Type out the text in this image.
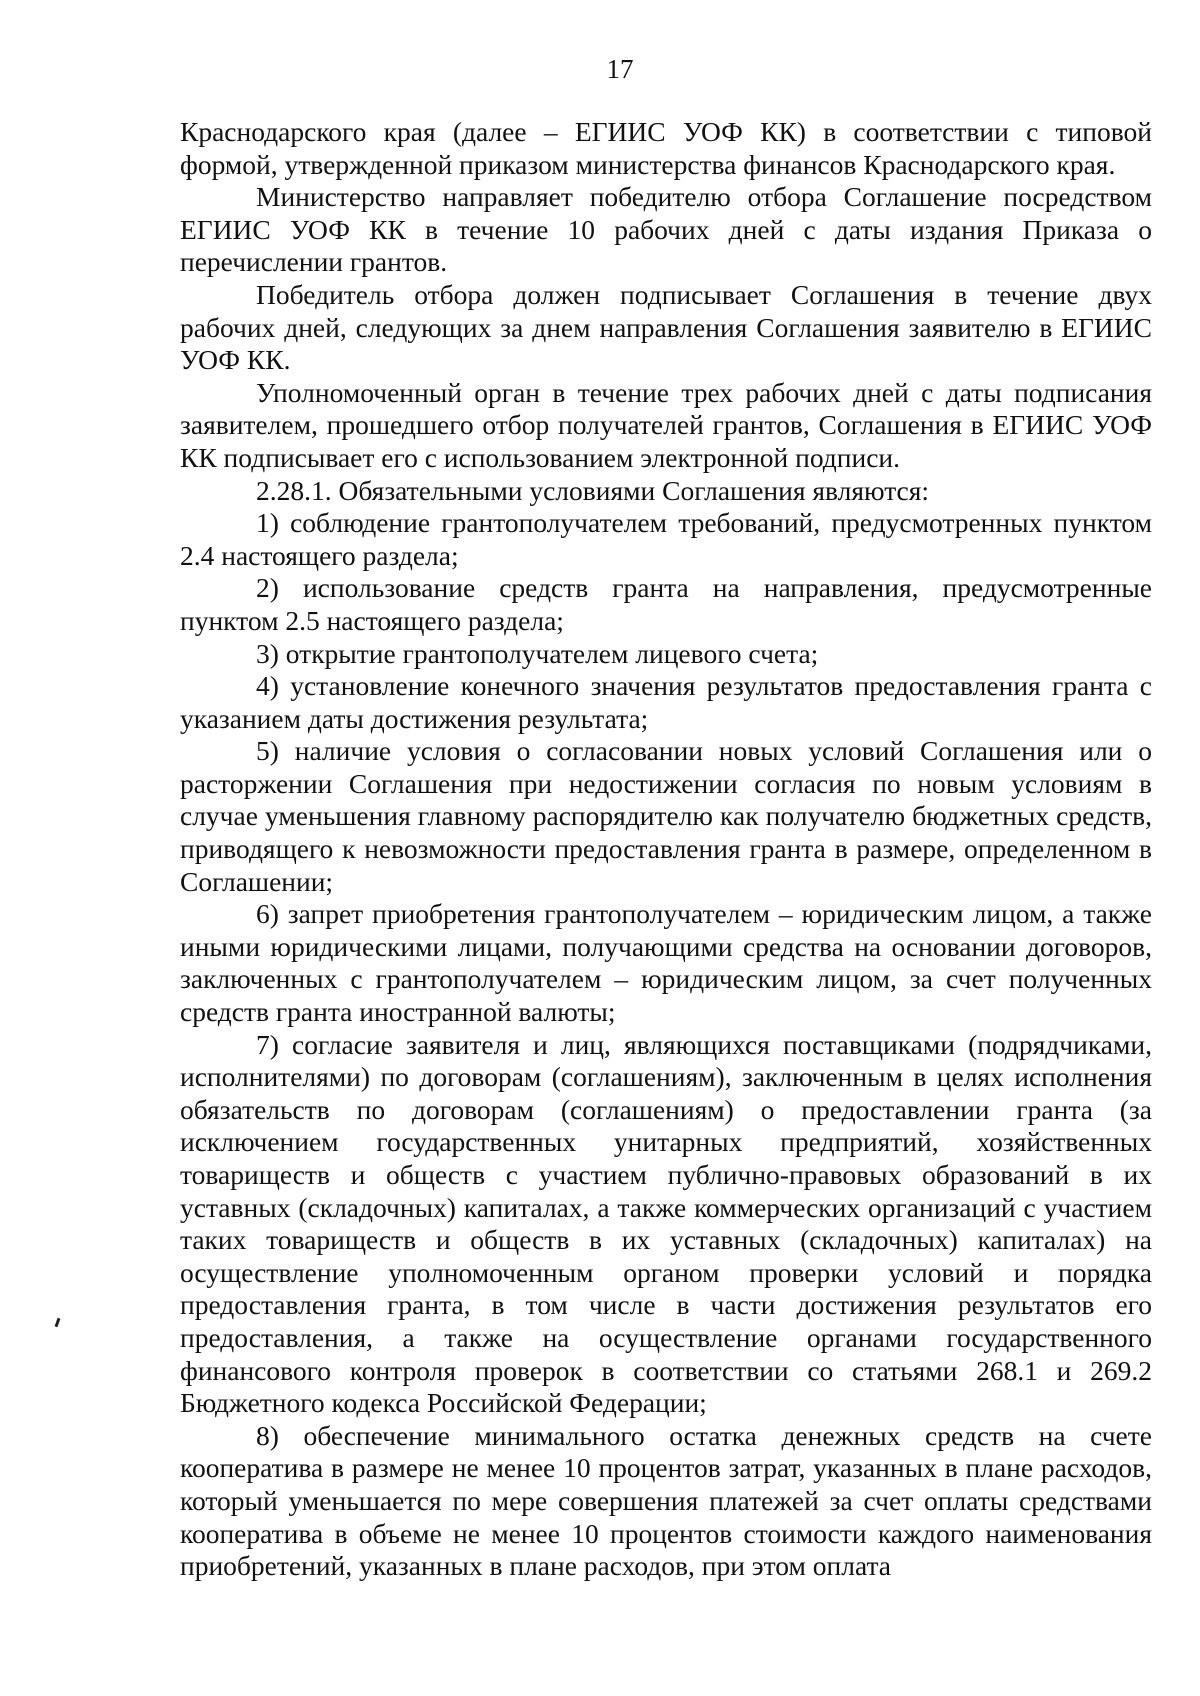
17

Краснодарского края (далее – ЕГИИС УОФ КК) в соответствии с типовой формой, утвержденной приказом министерства финансов Краснодарского края.

Министерство направляет победителю отбора Соглашение посредством ЕГИИС УОФ КК в течение 10 рабочих дней с даты издания Приказа о перечислении грантов.

Победитель отбора должен подписывает Соглашения в течение двух рабочих дней, следующих за днем направления Соглашения заявителю в ЕГИИС УОФ КК.

Уполномоченный орган в течение трех рабочих дней с даты подписания заявителем, прошедшего отбор получателей грантов, Соглашения в ЕГИИС УОФ КК подписывает его с использованием электронной подписи.

2.28.1. Обязательными условиями Соглашения являются:

1) соблюдение грантополучателем требований, предусмотренных пунктом 2.4 настоящего раздела;

2) использование средств гранта на направления, предусмотренные пунктом 2.5 настоящего раздела;

3) открытие грантополучателем лицевого счета;

4) установление конечного значения результатов предоставления гранта с указанием даты достижения результата;

5) наличие условия о согласовании новых условий Соглашения или о расторжении Соглашения при недостижении согласия по новым условиям в случае уменьшения главному распорядителю как получателю бюджетных средств, приводящего к невозможности предоставления гранта в размере, определенном в Соглашении;

6) запрет приобретения грантополучателем – юридическим лицом, а также иными юридическими лицами, получающими средства на основании договоров, заключенных с грантополучателем – юридическим лицом, за счет полученных средств гранта иностранной валюты;

7) согласие заявителя и лиц, являющихся поставщиками (подрядчиками, исполнителями) по договорам (соглашениям), заключенным в целях исполнения обязательств по договорам (соглашениям) о предоставлении гранта (за исключением государственных унитарных предприятий, хозяйственных товариществ и обществ с участием публично-правовых образований в их уставных (складочных) капиталах, а также коммерческих организаций с участием таких товариществ и обществ в их уставных (складочных) капиталах) на осуществление уполномоченным органом проверки условий и порядка предоставления гранта, в том числе в части достижения результатов его предоставления, а также на осуществление органами государственного финансового контроля проверок в соответствии со статьями 268.1 и 269.2 Бюджетного кодекса Российской Федерации;

8) обеспечение минимального остатка денежных средств на счете кооператива в размере не менее 10 процентов затрат, указанных в плане расходов, который уменьшается по мере совершения платежей за счет оплаты средствами кооператива в объеме не менее 10 процентов стоимости каждого наименования приобретений, указанных в плане расходов, при этом оплата
